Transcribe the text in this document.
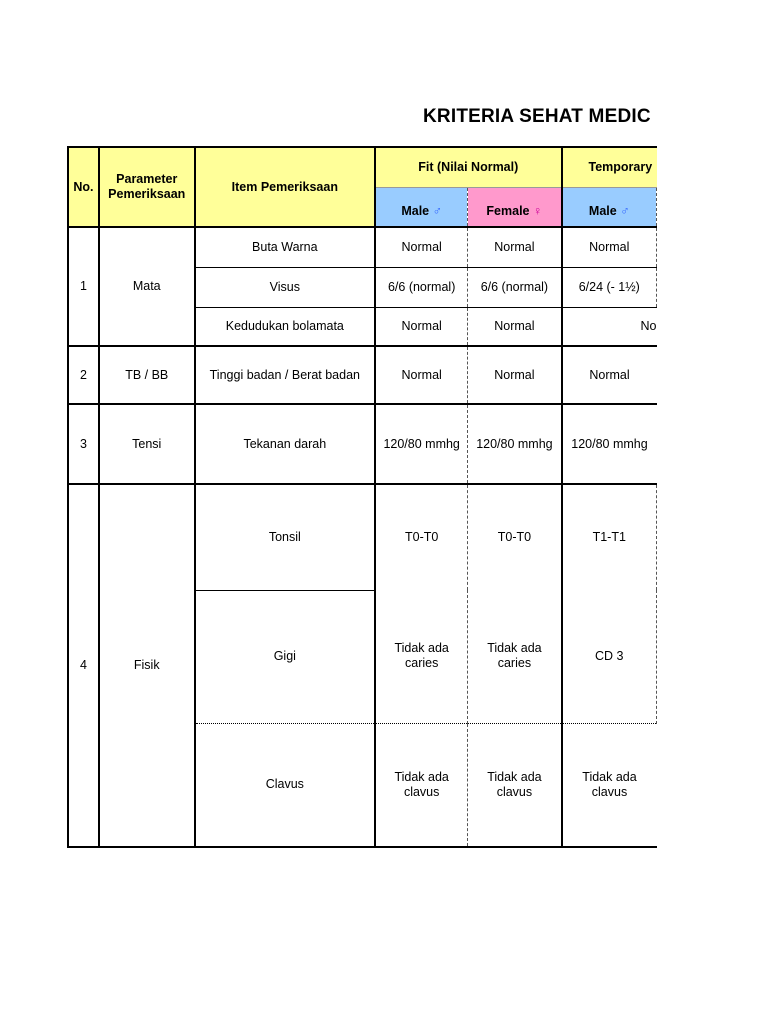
KRITERIA SEHAT MEDIC
No.	Parameter Pemeriksaan	Item Pemeriksaan	Fit (Nilai Normal)		Temporary
			Male ♂	Female ♀	Male ♂
1	Mata	Buta Warna	Normal	Normal	Normal
		Visus	6/6 (normal)	6/6 (normal)	6/24 (- 1½)
		Kedudukan bolamata	Normal	Normal	No
2	TB / BB	Tinggi badan / Berat badan	Normal	Normal	Normal
3	Tensi	Tekanan darah	120/80 mmhg	120/80 mmhg	120/80 mmhg
4	Fisik	Tonsil	T0-T0	T0-T0	T1-T1
		Gigi	Tidak ada caries	Tidak ada caries	CD 3
		Clavus	Tidak ada clavus	Tidak ada clavus	Tidak ada clavus
